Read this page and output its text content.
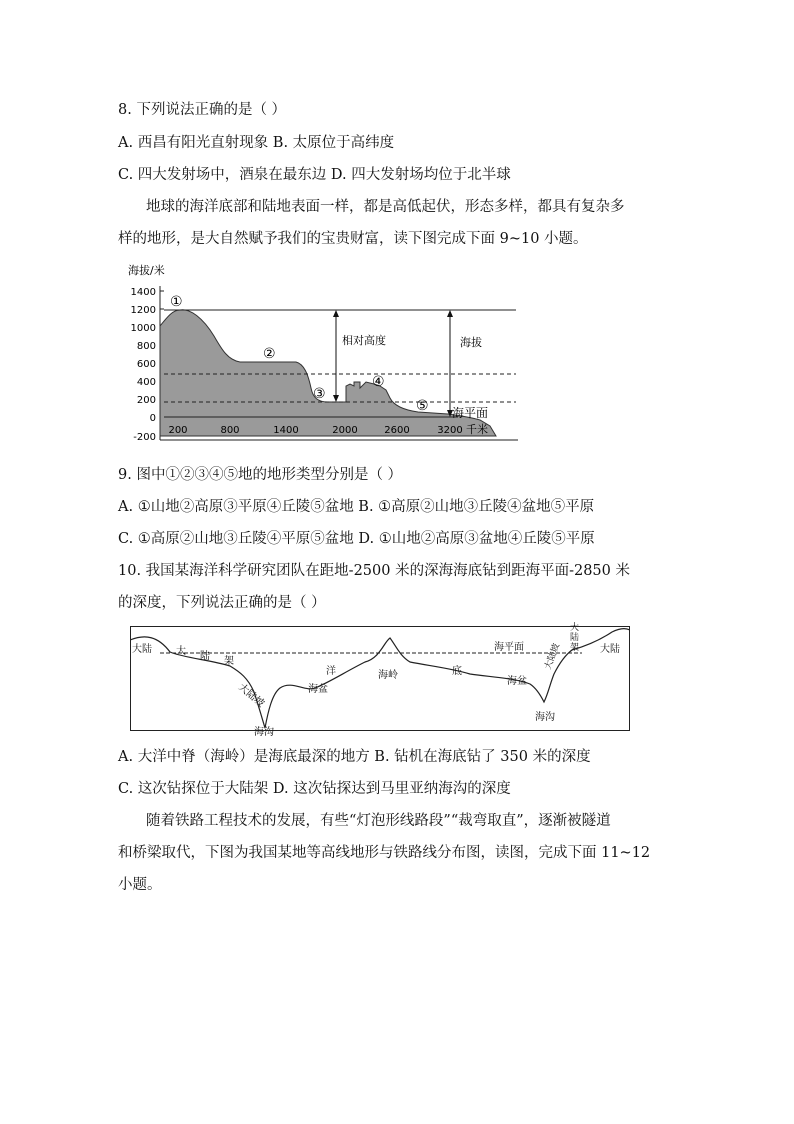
8. 下列说法正确的是（ ）
A. 西昌有阳光直射现象 B. 太原位于高纬度
C. 四大发射场中，酒泉在最东边 D. 四大发射场均位于北半球
地球的海洋底部和陆地表面一样，都是高低起伏，形态多样，都具有复杂多
样的地形，是大自然赋予我们的宝贵财富，读下图完成下面 9~10 小题。
海拔/米
1400
1200
1000
800
600
400
200
0
-200
相对高度	海拔
①
②
③
④
⑤ 海平面
200	800	1400	2000	2600	3200 千米
9. 图中①②③④⑤地的地形类型分别是（ ）
A. ①山地②高原③平原④丘陵⑤盆地 B. ①高原②山地③丘陵④盆地⑤平原
C. ①高原②山地③丘陵④平原⑤盆地 D. ①山地②高原③盆地④丘陵⑤平原
10. 我国某海洋科学研究团队在距地-2500 米的深海海底钻到距海平面-2850 米
的深度，下列说法正确的是（ ）
大陆 大 陆 架
大陆坡
海沟
海盆
洋	海岭	底
海盆
海平面
大
陆
架 大陆
大陆坡
海沟
A. 大洋中脊（海岭）是海底最深的地方 B. 钻机在海底钻了 350 米的深度
C. 这次钻探位于大陆架 D. 这次钻探达到马里亚纳海沟的深度
随着铁路工程技术的发展，有些“灯泡形线路段”“裁弯取直”，逐渐被隧道
和桥梁取代，下图为我国某地等高线地形与铁路线分布图，读图，完成下面 11~12
小题。
